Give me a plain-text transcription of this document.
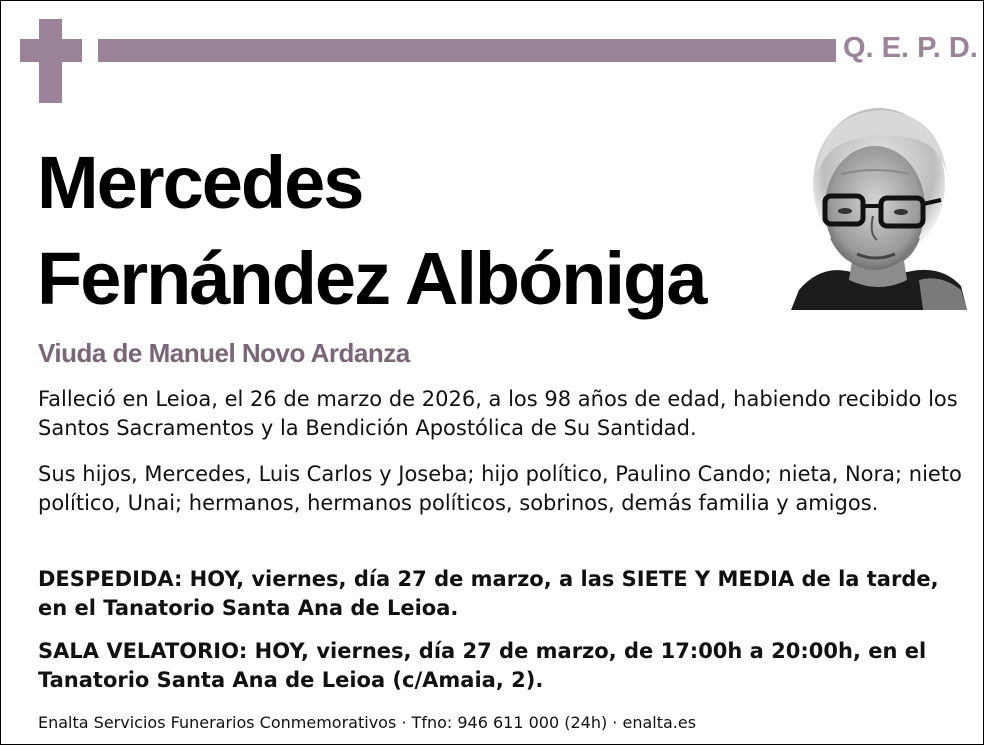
Q. E. P. D.
Mercedes
Fernández Albóniga
Viuda de Manuel Novo Ardanza
Falleció en Leioa, el 26 de marzo de 2026, a los 98 años de edad, habiendo recibido los Santos Sacramentos y la Bendición Apostólica de Su Santidad.
Sus hijos, Mercedes, Luis Carlos y Joseba; hijo político, Paulino Cando; nieta, Nora; nieto político, Unai; hermanos, hermanos políticos, sobrinos, demás familia y amigos.
DESPEDIDA: HOY, viernes, día 27 de marzo, a las SIETE Y MEDIA de la tarde, en el Tanatorio Santa Ana de Leioa.
SALA VELATORIO: HOY, viernes, día 27 de marzo, de 17:00h a 20:00h, en el Tanatorio Santa Ana de Leioa (c/Amaia, 2).
Enalta Servicios Funerarios Conmemorativos · Tfno: 946 611 000 (24h) · enalta.es
